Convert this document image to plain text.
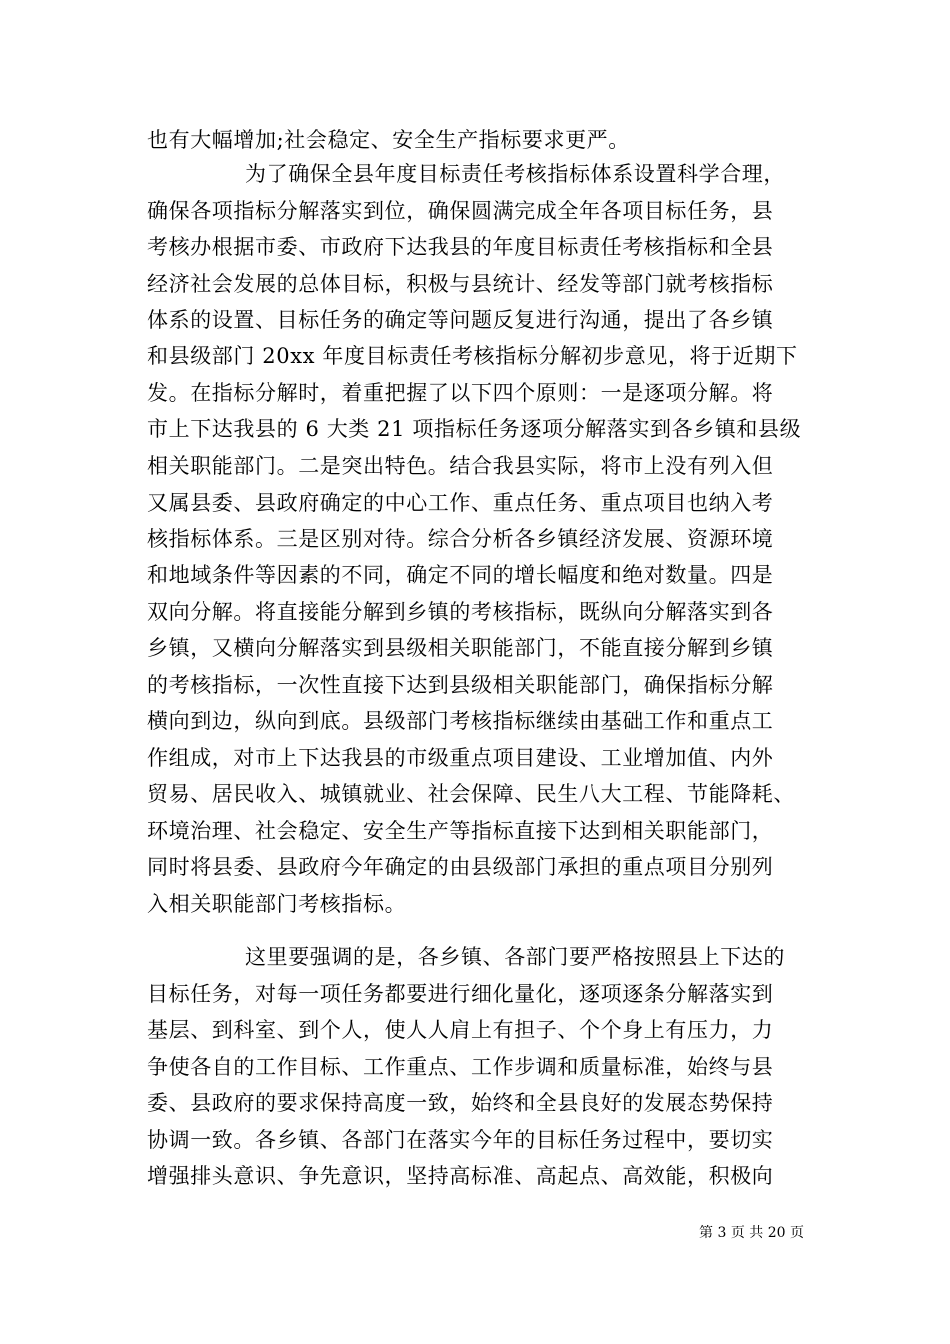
也有大幅增加;社会稳定、安全生产指标要求更严。
为了确保全县年度目标责任考核指标体系设置科学合理，
确保各项指标分解落实到位，确保圆满完成全年各项目标任务，县
考核办根据市委、市政府下达我县的年度目标责任考核指标和全县
经济社会发展的总体目标，积极与县统计、经发等部门就考核指标
体系的设置、目标任务的确定等问题反复进行沟通，提出了各乡镇
和县级部门 20xx 年度目标责任考核指标分解初步意见，将于近期下
发。在指标分解时，着重把握了以下四个原则：一是逐项分解。将
市上下达我县的 6 大类 21 项指标任务逐项分解落实到各乡镇和县级
相关职能部门。二是突出特色。结合我县实际，将市上没有列入但
又属县委、县政府确定的中心工作、重点任务、重点项目也纳入考
核指标体系。三是区别对待。综合分析各乡镇经济发展、资源环境
和地域条件等因素的不同，确定不同的增长幅度和绝对数量。四是
双向分解。将直接能分解到乡镇的考核指标，既纵向分解落实到各
乡镇，又横向分解落实到县级相关职能部门，不能直接分解到乡镇
的考核指标，一次性直接下达到县级相关职能部门，确保指标分解
横向到边，纵向到底。县级部门考核指标继续由基础工作和重点工
作组成，对市上下达我县的市级重点项目建设、工业增加值、内外
贸易、居民收入、城镇就业、社会保障、民生八大工程、节能降耗、
环境治理、社会稳定、安全生产等指标直接下达到相关职能部门，
同时将县委、县政府今年确定的由县级部门承担的重点项目分别列
入相关职能部门考核指标。
这里要强调的是，各乡镇、各部门要严格按照县上下达的
目标任务，对每一项任务都要进行细化量化，逐项逐条分解落实到
基层、到科室、到个人，使人人肩上有担子、个个身上有压力，力
争使各自的工作目标、工作重点、工作步调和质量标准，始终与县
委、县政府的要求保持高度一致，始终和全县良好的发展态势保持
协调一致。各乡镇、各部门在落实今年的目标任务过程中，要切实
增强排头意识、争先意识，坚持高标准、高起点、高效能，积极向
第 3 页 共 20 页
